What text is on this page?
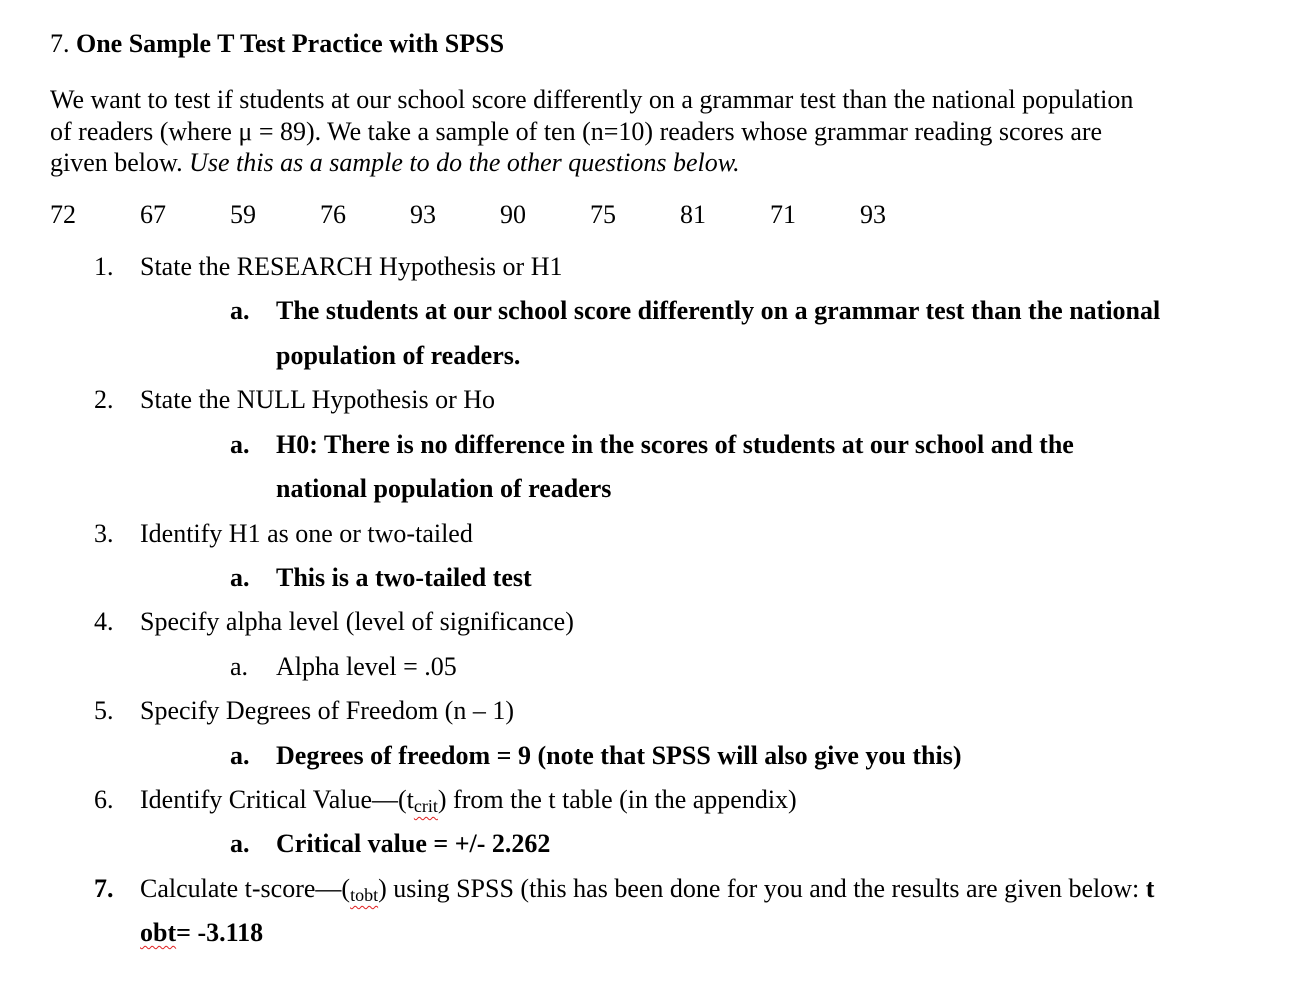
7. One Sample T Test Practice with SPSS
We want to test if students at our school score differently on a grammar test than the national population
of readers (where μ = 89). We take a sample of ten (n=10) readers whose grammar reading scores are
given below. Use this as a sample to do the other questions below.
72 67 59 76 93 90 75 81 71 93
1.	State the RESEARCH Hypothesis or H1
a.	The students at our school score differently on a grammar test than the national
population of readers.
2.	State the NULL Hypothesis or Ho
a.	H0: There is no difference in the scores of students at our school and the
national population of readers
3.	Identify H1 as one or two-tailed
a.	This is a two-tailed test
4.	Specify alpha level (level of significance)
a.	Alpha level = .05
5.	Specify Degrees of Freedom (n – 1)
a.	Degrees of freedom = 9 (note that SPSS will also give you this)
6.	Identify Critical $Value—(t_{crit})$ from the t table (in the appendix)
a.	Critical value = +/- 2.262
7.	Calculate $t-score—(_{tobt})$ using SPSS (this has been done for you and the results are given below: t
obt= -3.118
